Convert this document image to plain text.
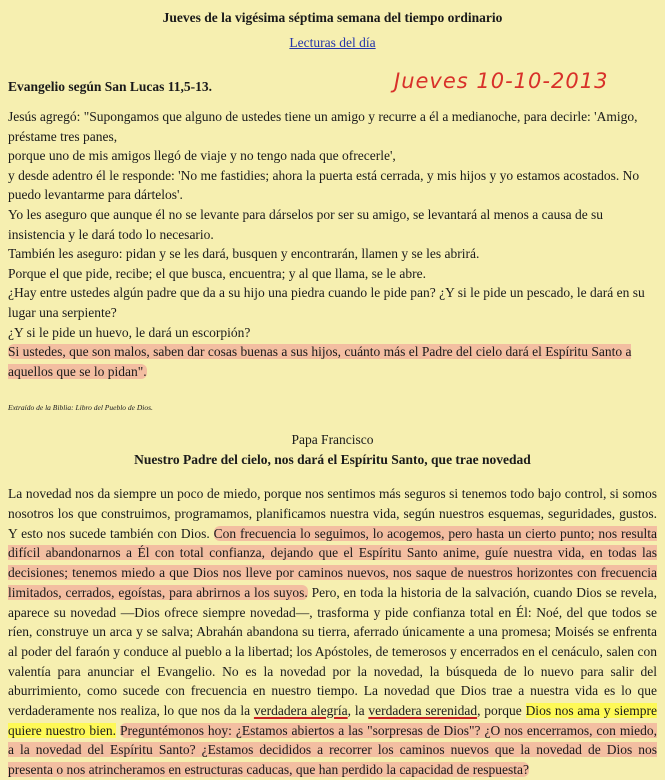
Jueves de la vigésima séptima semana del tiempo ordinario
Lecturas del día
Evangelio según San Lucas 11,5-13.	Jueves 10-10-2013

Jesús agregó: "Supongamos que alguno de ustedes tiene un amigo y recurre a él a medianoche, para decirle: 'Amigo, préstame tres panes,

porque uno de mis amigos llegó de viaje y no tengo nada que ofrecerle',

y desde adentro él le responde: 'No me fastidies; ahora la puerta está cerrada, y mis hijos y yo estamos acostados. No puedo levantarme para dártelos'.

Yo les aseguro que aunque él no se levante para dárselos por ser su amigo, se levantará al menos a causa de su insistencia y le dará todo lo necesario.

También les aseguro: pidan y se les dará, busquen y encontrarán, llamen y se les abrirá.

Porque el que pide, recibe; el que busca, encuentra; y al que llama, se le abre.

¿Hay entre ustedes algún padre que da a su hijo una piedra cuando le pide pan? ¿Y si le pide un pescado, le dará en su lugar una serpiente?

¿Y si le pide un huevo, le dará un escorpión?

Si ustedes, que son malos, saben dar cosas buenas a sus hijos, cuánto más el Padre del cielo dará el Espíritu Santo a aquellos que se lo pidan".

Extraído de la Biblia: Libro del Pueblo de Dios.
Papa Francisco
Nuestro Padre del cielo, nos dará el Espíritu Santo, que trae novedad
La novedad nos da siempre un poco de miedo, porque nos sentimos más seguros si tenemos todo bajo control, si somos nosotros los que construimos, programamos, planificamos nuestra vida, según nuestros esquemas, seguridades, gustos. Y esto nos sucede también con Dios. Con frecuencia lo seguimos, lo acogemos, pero hasta un cierto punto; nos resulta difícil abandonarnos a Él con total confianza, dejando que el Espíritu Santo anime, guíe nuestra vida, en todas las decisiones; tenemos miedo a que Dios nos lleve por caminos nuevos, nos saque de nuestros horizontes con frecuencia limitados, cerrados, egoístas, para abrirnos a los suyos. Pero, en toda la historia de la salvación, cuando Dios se revela, aparece su novedad —Dios ofrece siempre novedad—, trasforma y pide confianza total en Él: Noé, del que todos se ríen, construye un arca y se salva; Abrahán abandona su tierra, aferrado únicamente a una promesa; Moisés se enfrenta al poder del faraón y conduce al pueblo a la libertad; los Apóstoles, de temerosos y encerrados en el cenáculo, salen con valentía para anunciar el Evangelio. No es la novedad por la novedad, la búsqueda de lo nuevo para salir del aburrimiento, como sucede con frecuencia en nuestro tiempo. La novedad que Dios trae a nuestra vida es lo que verdaderamente nos realiza, lo que nos da la verdadera alegría, la verdadera serenidad, porque Dios nos ama y siempre quiere nuestro bien. Preguntémonos hoy: ¿Estamos abiertos a las "sorpresas de Dios"? ¿O nos encerramos, con miedo, a la novedad del Espíritu Santo? ¿Estamos decididos a recorrer los caminos nuevos que la novedad de Dios nos presenta o nos atrincheramos en estructuras caducas, que han perdido la capacidad de respuesta?
